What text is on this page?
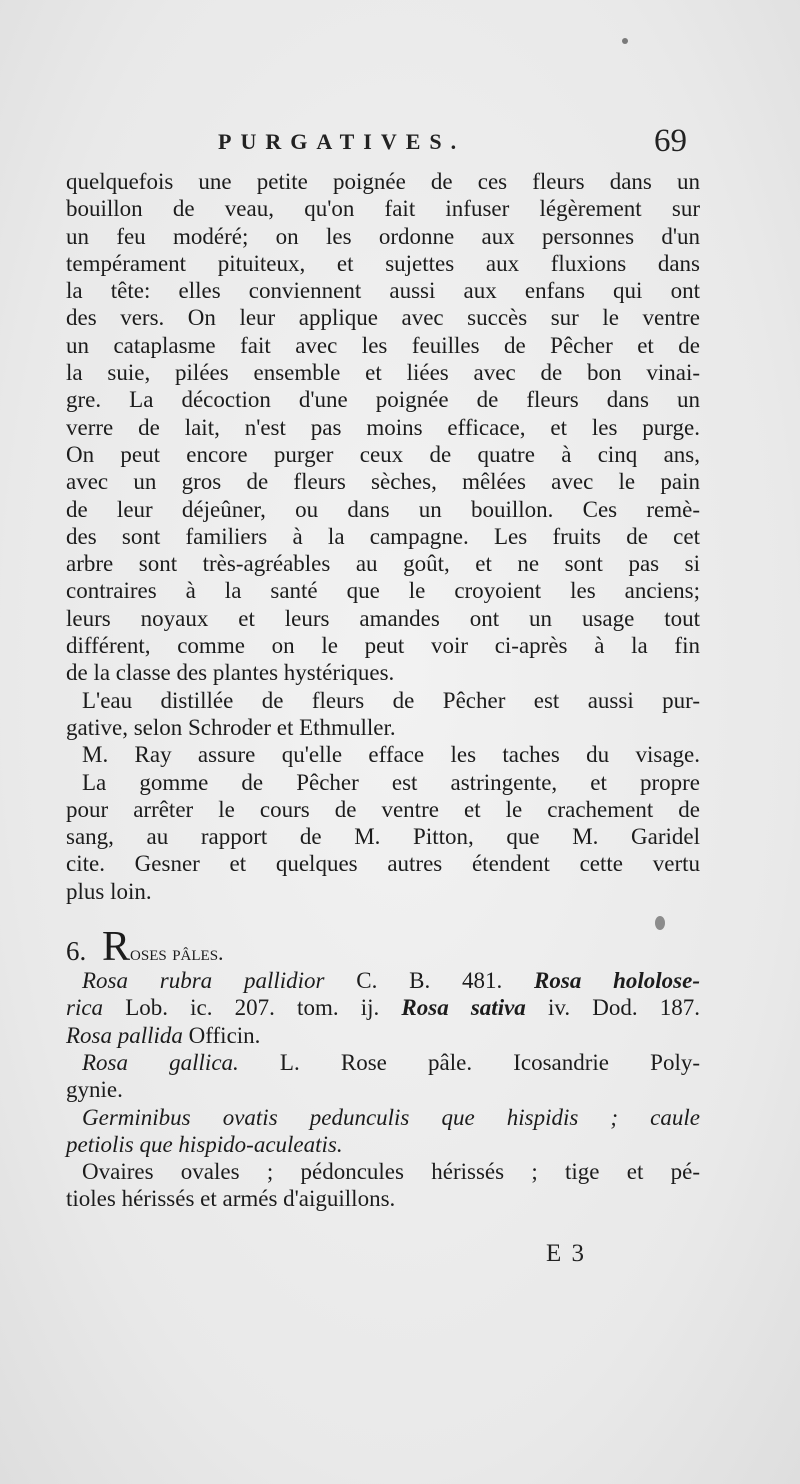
PURGATIVES.	69
quelquefois une petite poignée de ces fleurs dans un
bouillon de veau, qu'on fait infuser légèrement sur
un feu modéré; on les ordonne aux personnes d'un
tempérament pituiteux, et sujettes aux fluxions dans
la tête: elles conviennent aussi aux enfans qui ont
des vers. On leur applique avec succès sur le ventre
un cataplasme fait avec les feuilles de Pêcher et de
la suie, pilées ensemble et liées avec de bon vinai-
gre. La décoction d'une poignée de fleurs dans un
verre de lait, n'est pas moins efficace, et les purge.
On peut encore purger ceux de quatre à cinq ans,
avec un gros de fleurs sèches, mêlées avec le pain
de leur déjeûner, ou dans un bouillon. Ces remè-
des sont familiers à la campagne. Les fruits de cet
arbre sont très-agréables au goût, et ne sont pas si
contraires à la santé que le croyoient les anciens;
leurs noyaux et leurs amandes ont un usage tout
différent, comme on le peut voir ci-après à la fin
de la classe des plantes hystériques.
L'eau distillée de fleurs de Pêcher est aussi pur-
gative, selon Schroder et Ethmuller.
M. Ray assure qu'elle efface les taches du visage.
La gomme de Pêcher est astringente, et propre
pour arrêter le cours de ventre et le crachement de
sang, au rapport de M. Pitton, que M. Garidel
cite. Gesner et quelques autres étendent cette vertu
plus loin.
6. Roses pâles.
Rosa rubra pallidior C. B. 481. Rosa hololose-
rica Lob. ic. 207. tom. ij. Rosa sativa iv. Dod. 187.
Rosa pallida Officin.
Rosa gallica. L. Rose pâle. Icosandrie Poly-
gynie.
Germinibus ovatis pedunculis que hispidis ; caule
petiolis que hispido-aculeatis.
Ovaires ovales ; pédoncules hérissés ; tige et pé-
tioles hérissés et armés d'aiguillons.
E 3
